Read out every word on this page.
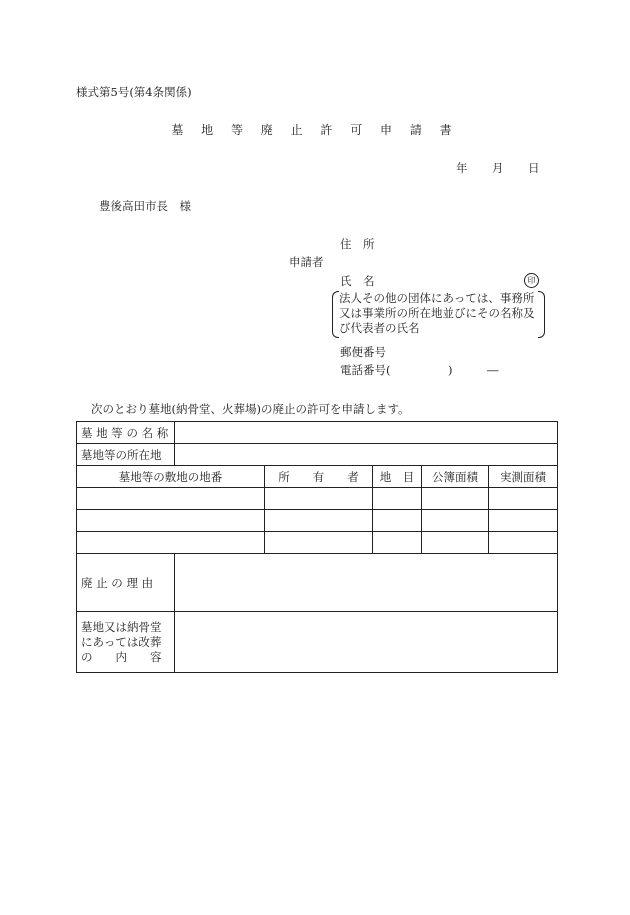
様式第5号(第4条関係)
墓 地 等 廃 止 許 可 申 請 書
年 月 日
豊後高田市長　様
申請者
住　所
氏　名	印
法人その他の団体にあっては、事務所又は事業所の所在地並びにその名称及び代表者の氏名
郵便番号
電話番号(　　　　　)　　　―
次のとおり墓地(納骨堂、火葬場)の廃止の許可を申請します。
墓 地 等 の 名 称					
墓地等の所在地					
墓地等の敷地の地番		所　　有　　者	地　目	公簿面積	実測面積

廃 止 の 理 由					

墓地又は納骨堂
にあっては改葬
の　　内　　容					
